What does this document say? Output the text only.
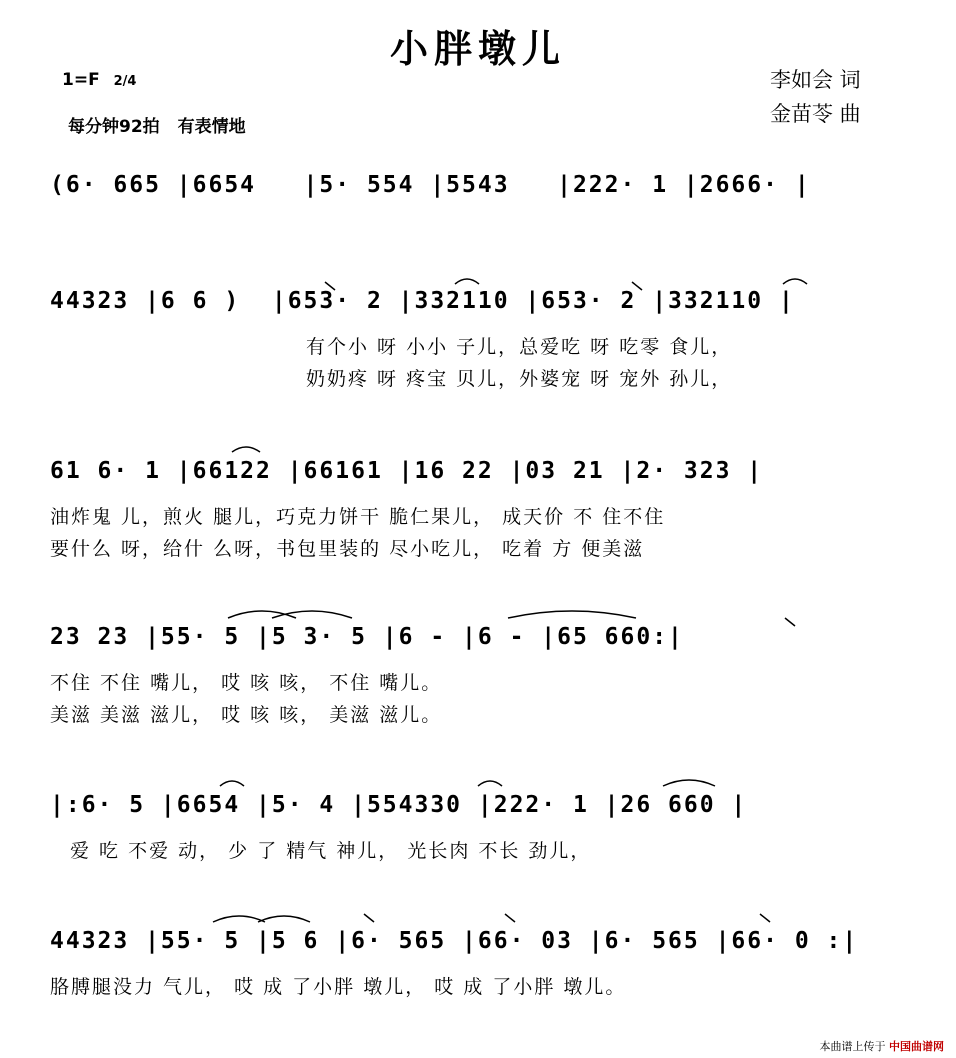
小胖墩儿
1=F 2/4
每分钟92拍 有表情地
李如会 词
金苗苓 曲
(6· 665 |6654   |5· 554 |5543   |222· 1 |2666· |
44323 |6 6 )  |653· 2 |332110 |653· 2 |332110 |
有个小 呀 小小 子儿，总爱吃 呀 吃零 食儿，
奶奶疼 呀 疼宝 贝儿，外婆宠 呀 宠外 孙儿，
61 6· 1 |66122 |66161 |16 22 |03 21 |2· 323 |
油炸鬼 儿，煎火 腿儿，巧克力饼干 脆仁果儿， 成天价 不 住不住
要什么 呀，给什 么呀，书包里装的 尽小吃儿， 吃着 方 便美滋
23 23 |55· 5 |5 3· 5 |6 - |6 - |65 660:|
不住 不住 嘴儿， 哎 咳 咳， 不住 嘴儿。
美滋 美滋 滋儿， 哎 咳 咳， 美滋 滋儿。
|:6· 5 |6654 |5· 4 |554330 |222· 1 |26 660 |
爱 吃 不爱 动， 少 了 精气 神儿， 光长肉 不长 劲儿，
44323 |55· 5 |5 6 |6· 565 |66· 03 |6· 565 |66· 0 :|
胳膊腿没力 气儿， 哎 成 了小胖 墩儿， 哎 成 了小胖 墩儿。
本曲谱上传于 中国曲谱网
